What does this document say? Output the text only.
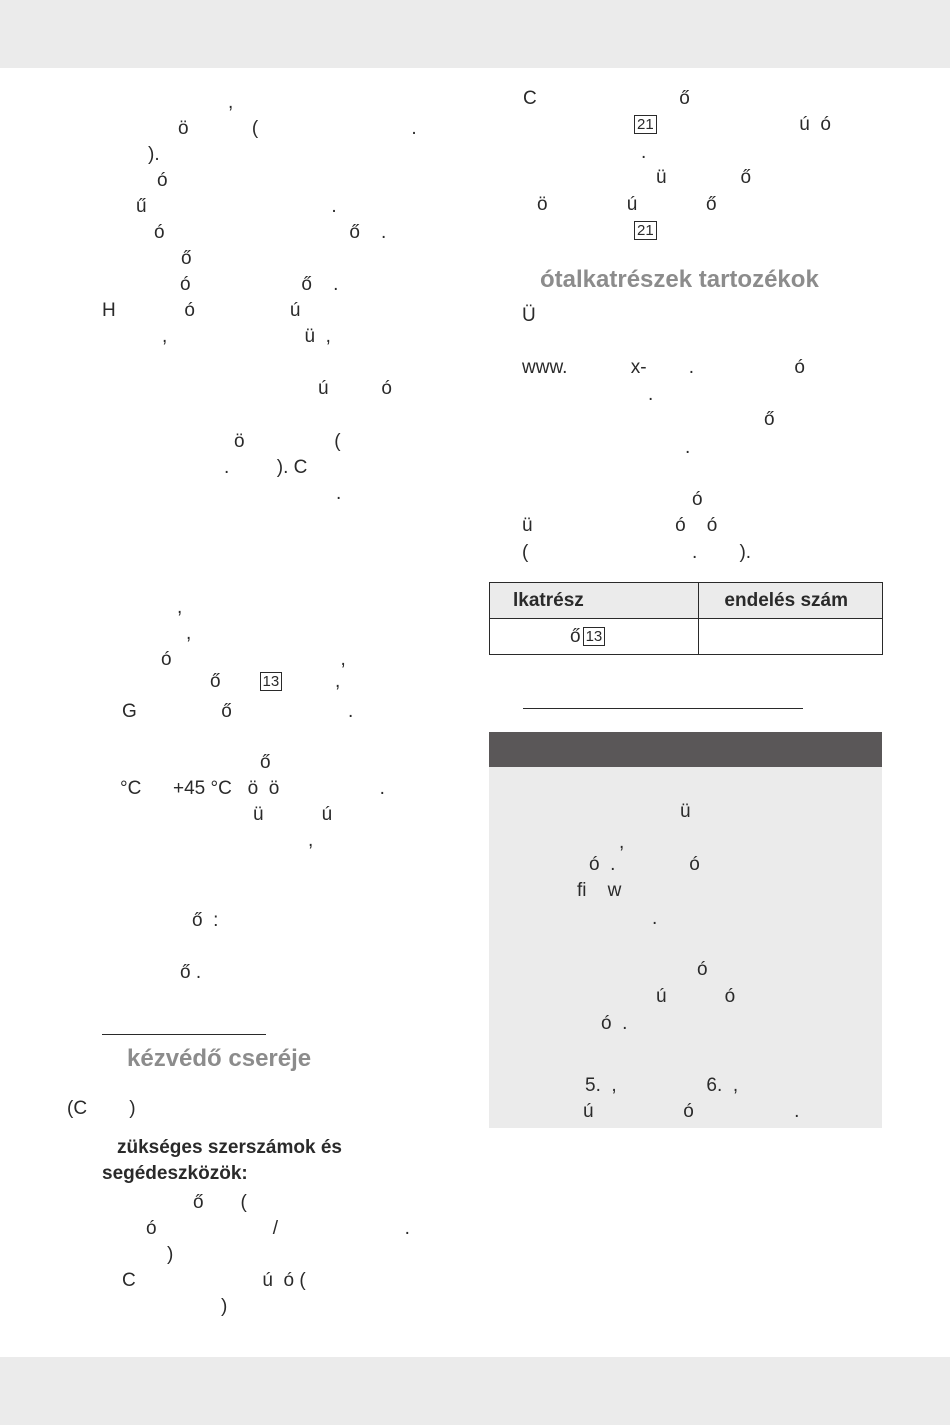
,
ö            (                             .
).
ó
ű                                   .
ó                                   ő    .
ő
ó                     ő    .
H             ó                  ú
,                          ü  ,
ú          ó
ö                 (
.         ). C
.
,
,
ó                                ,
G                ő                      .
ő
°C      +45 °C   ö  ö                   .
ü           ú
,
ő  :
ő .
(C        )
ő       (
ó                      /                        .
)
C                        ú  ó (
)
ő       13          ,
kézvédő cseréje
zükséges szerszámok és
segédeszközök:
C                           ő
.
ü              ő
ö               ú             ő
Ü
www.            x-        .                   ó
.
ő
.
ó
ü                           ó    ó
(                               .        ).
21                           ú  ó
21
ótalkatrészek tartozékok
lkatrész	endelés szám
ő 13	
ü
,
ó  .              ó
fi    w
.
ó
ú           ó
ó  .
5.  ,                 6.  ,
ú                 ó                   .
